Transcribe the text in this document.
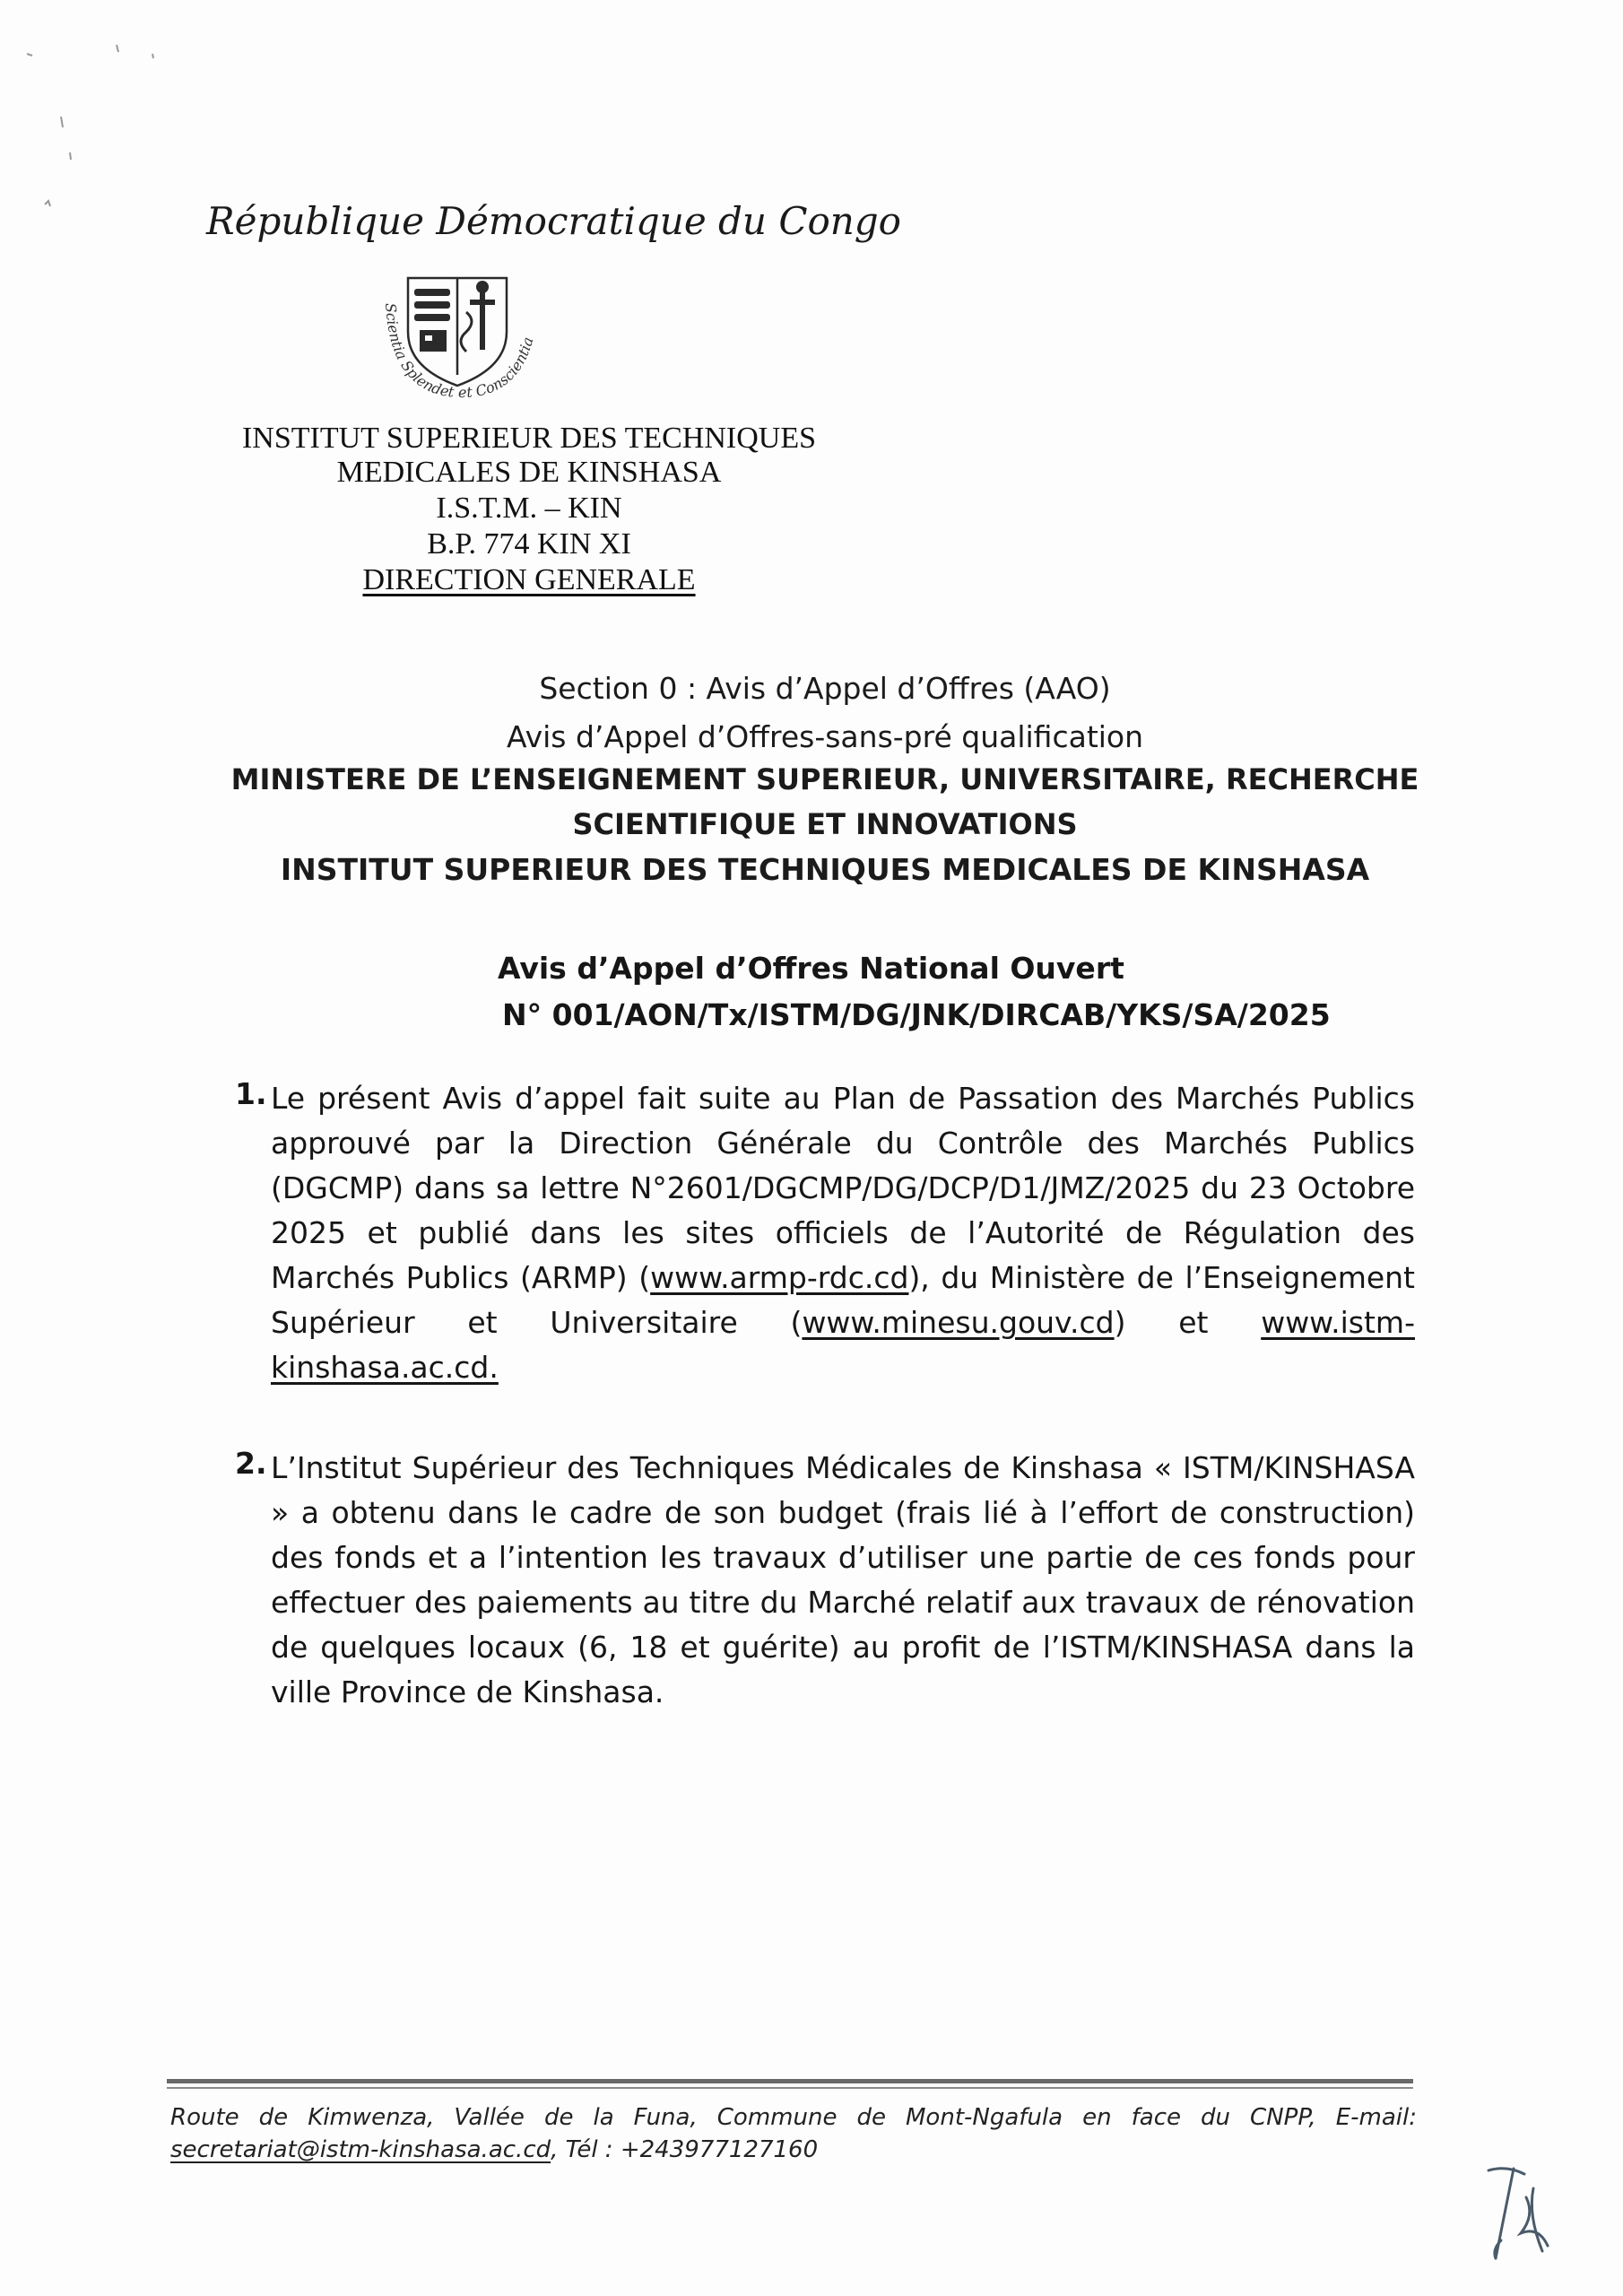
République Démocratique du Congo
Scientia Splendet et Conscientia
INSTITUT SUPERIEUR DES TECHNIQUES
MEDICALES DE KINSHASA
I.S.T.M. – KIN
B.P. 774 KIN XI
DIRECTION GENERALE
Section 0 : Avis d’Appel d’Offres (AAO)
Avis d’Appel d’Offres-sans-pré qualification
MINISTERE DE L’ENSEIGNEMENT SUPERIEUR, UNIVERSITAIRE, RECHERCHE
SCIENTIFIQUE ET INNOVATIONS
INSTITUT SUPERIEUR DES TECHNIQUES MEDICALES DE KINSHASA
Avis d’Appel d’Offres National Ouvert
N° 001/AON/Tx/ISTM/DG/JNK/DIRCAB/YKS/SA/2025
1. Le présent Avis d’appel fait suite au Plan de Passation des Marchés Publics approuvé par la Direction Générale du Contrôle des Marchés Publics (DGCMP) dans sa lettre N°2601/DGCMP/DG/DCP/D1/JMZ/2025 du 23 Octobre 2025 et publié dans les sites officiels de l’Autorité de Régulation des Marchés Publics (ARMP) (www.armp-rdc.cd), du Ministère de l’Enseignement Supérieur et Universitaire (www.minesu.gouv.cd) et www.istm-kinshasa.ac.cd.
2. L’Institut Supérieur des Techniques Médicales de Kinshasa « ISTM/KINSHASA » a obtenu dans le cadre de son budget (frais lié à l’effort de construction) des fonds et a l’intention les travaux d’utiliser une partie de ces fonds pour effectuer des paiements au titre du Marché relatif aux travaux de rénovation de quelques locaux (6, 18 et guérite) au profit de l’ISTM/KINSHASA dans la ville Province de Kinshasa.
Route de Kimwenza, Vallée de la Funa, Commune de Mont-Ngafula en face du CNPP, E-mail: secretariat@istm-kinshasa.ac.cd, Tél : +243977127160
